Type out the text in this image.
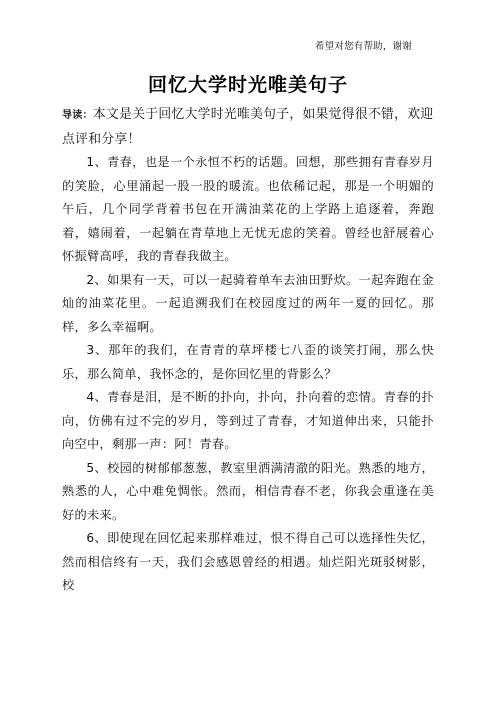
希望对您有帮助，谢谢
回忆大学时光唯美句子

导读：本文是关于回忆大学时光唯美句子，如果觉得很不错，欢迎点评和分享！

1、青春，也是一个永恒不朽的话题。回想，那些拥有青春岁月的笑脸，心里涌起一股一股的暖流。也依稀记起，那是一个明媚的午后，几个同学背着书包在开满油菜花的上学路上追逐着，奔跑着，嬉闹着，一起躺在青草地上无忧无虑的笑着。曾经也舒展着心怀振臂高呼，我的青春我做主。

2、如果有一天，可以一起骑着单车去油田野炊。一起奔跑在金灿的油菜花里。一起追溯我们在校园度过的两年一夏的回忆。那样，多么幸福啊。

3、那年的我们，在青青的草坪楼七八歪的谈笑打闹，那么快乐，那么简单，我怀念的，是你回忆里的背影么？

4、青春是泪，是不断的扑向，扑向，扑向着的恋情。青春的扑向，仿佛有过不完的岁月，等到过了青春，才知道伸出来，只能扑向空中，剩那一声：阿！青春。

5、校园的树郁郁葱葱，教室里洒满清澈的阳光。熟悉的地方，熟悉的人，心中难免惆怅。然而，相信青春不老，你我会重逢在美好的未来。

6、即使现在回忆起来那样难过，恨不得自己可以选择性失忆，然而相信终有一天，我们会感恩曾经的相遇。灿烂阳光斑驳树影，校
